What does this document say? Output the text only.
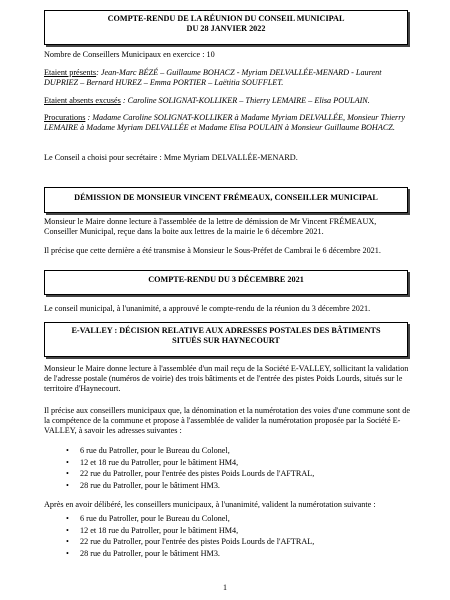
COMPTE-RENDU DE LA RÉUNION DU CONSEIL MUNICIPAL
DU 28 JANVIER 2022

Nombre de Conseillers Municipaux en exercice : 10

Etaient présents: Jean-Marc BÉZÉ – Guillaume BOHACZ - Myriam DELVALLÉE-MENARD - Laurent DUPRIEZ – Bernard HUREZ – Emma PORTIER – Laëtitia SOUFFLET.

Etaient absents excusés : Caroline SOLIGNAT-KOLLIKER – Thierry LEMAIRE – Elisa POULAIN.

Procurations : Madame Caroline SOLIGNAT-KOLLIKER à Madame Myriam DELVALLÉE, Monsieur Thierry LEMAIRE à Madame Myriam DELVALLÉE et Madame Elisa POULAIN à Monsieur Guillaume BOHACZ.

Le Conseil a choisi pour secrétaire : Mme Myriam DELVALLÉE-MENARD.

DÉMISSION DE MONSIEUR VINCENT FRÉMEAUX, CONSEILLER MUNICIPAL

Monsieur le Maire donne lecture à l'assemblée de la lettre de démission de Mr Vincent FRÉMEAUX, Conseiller Municipal, reçue dans la boite aux lettres de la mairie le 6 décembre 2021.

Il précise que cette dernière a été transmise à Monsieur le Sous-Préfet de Cambrai le 6 décembre 2021.

COMPTE-RENDU DU 3 DÉCEMBRE 2021

Le conseil municipal, à l'unanimité, a approuvé le compte-rendu de la réunion du 3 décembre 2021.

E-VALLEY : DÉCISION RELATIVE AUX ADRESSES POSTALES DES BÂTIMENTS
SITUÉS SUR HAYNECOURT

Monsieur le Maire donne lecture à l'assemblée d'un mail reçu de la Société E-VALLEY, sollicitant la validation de l'adresse postale (numéros de voirie) des trois bâtiments et de l'entrée des pistes Poids Lourds, situés sur le territoire d'Haynecourt.

Il précise aux conseillers municipaux que, la dénomination et la numérotation des voies d'une commune sont de la compétence de la commune et propose à l'assemblée de valider la numérotation proposée par la Société E-VALLEY, à savoir les adresses suivantes :

• 6 rue du Patroller, pour le Bureau du Colonel,
• 12 et 18 rue du Patroller, pour le bâtiment HM4,
• 22 rue du Patroller, pour l'entrée des pistes Poids Lourds de l'AFTRAL,
• 28 rue du Patroller, pour le bâtiment HM3.

Après en avoir délibéré, les conseillers municipaux, à l'unanimité, valident la numérotation suivante :

• 6 rue du Patroller, pour le Bureau du Colonel,
• 12 et 18 rue du Patroller, pour le bâtiment HM4,
• 22 rue du Patroller, pour l'entrée des pistes Poids Lourds de l'AFTRAL,
• 28 rue du Patroller, pour le bâtiment HM3.
1
